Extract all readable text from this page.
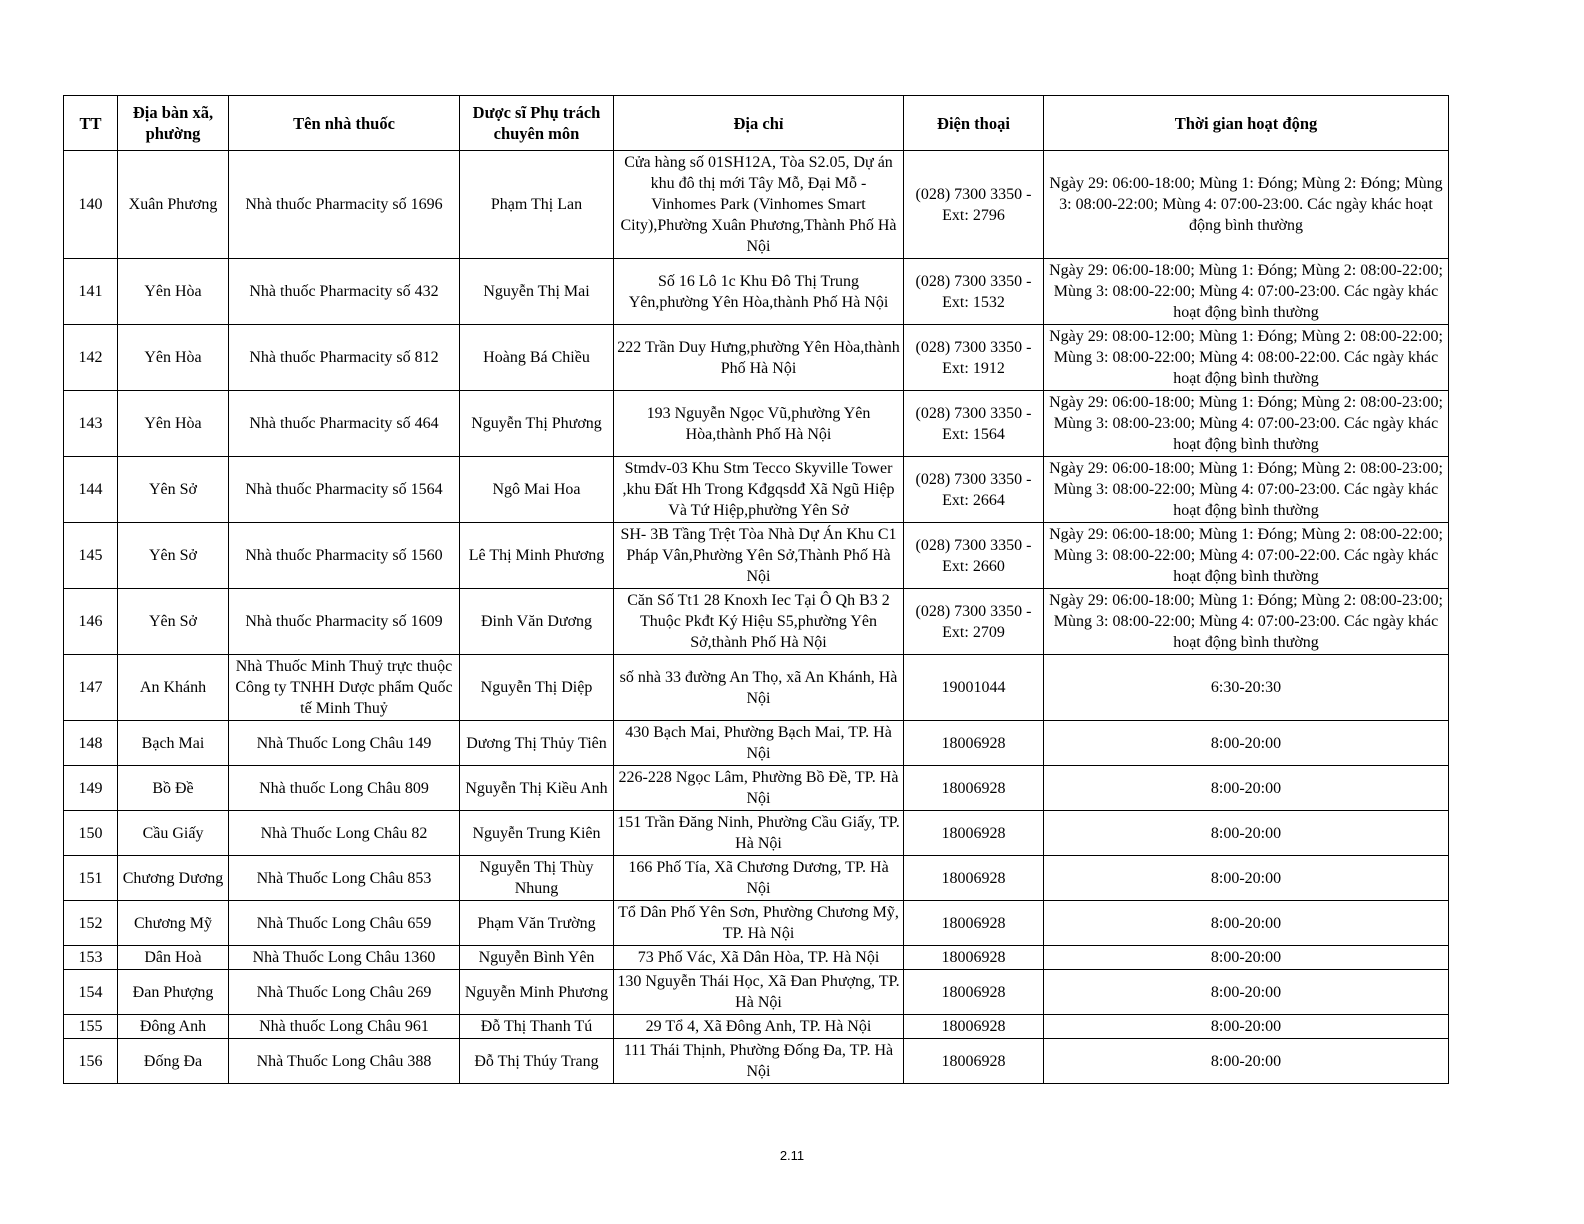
TT	Địa bàn xã, phường	Tên nhà thuốc	Dược sĩ Phụ trách chuyên môn	Địa chỉ	Điện thoại	Thời gian hoạt động
140	Xuân Phương	Nhà thuốc Pharmacity số 1696	Phạm Thị Lan	Cửa hàng số 01SH12A, Tòa S2.05, Dự án khu đô thị mới Tây Mỗ, Đại Mỗ - Vinhomes Park (Vinhomes Smart City),Phường Xuân Phương,Thành Phố Hà Nội	(028) 7300 3350 - Ext: 2796	Ngày 29: 06:00-18:00; Mùng 1: Đóng; Mùng 2: Đóng; Mùng 3: 08:00-22:00; Mùng 4: 07:00-23:00. Các ngày khác hoạt động bình thường
141	Yên Hòa	Nhà thuốc Pharmacity số 432	Nguyễn Thị Mai	Số 16 Lô 1c Khu Đô Thị Trung Yên,phường Yên Hòa,thành Phố Hà Nội	(028) 7300 3350 - Ext: 1532	Ngày 29: 06:00-18:00; Mùng 1: Đóng; Mùng 2: 08:00-22:00; Mùng 3: 08:00-22:00; Mùng 4: 07:00-23:00. Các ngày khác hoạt động bình thường
142	Yên Hòa	Nhà thuốc Pharmacity số 812	Hoàng Bá Chiều	222 Trần Duy Hưng,phường Yên Hòa,thành Phố Hà Nội	(028) 7300 3350 - Ext: 1912	Ngày 29: 08:00-12:00; Mùng 1: Đóng; Mùng 2: 08:00-22:00; Mùng 3: 08:00-22:00; Mùng 4: 08:00-22:00. Các ngày khác hoạt động bình thường
143	Yên Hòa	Nhà thuốc Pharmacity số 464	Nguyễn Thị Phương	193 Nguyễn Ngọc Vũ,phường Yên Hòa,thành Phố Hà Nội	(028) 7300 3350 - Ext: 1564	Ngày 29: 06:00-18:00; Mùng 1: Đóng; Mùng 2: 08:00-23:00; Mùng 3: 08:00-23:00; Mùng 4: 07:00-23:00. Các ngày khác hoạt động bình thường
144	Yên Sở	Nhà thuốc Pharmacity số 1564	Ngô Mai Hoa	Stmdv-03 Khu Stm Tecco Skyville Tower ,khu Đất Hh Trong Kđgqsdđ Xã Ngũ Hiệp Và Tứ Hiệp,phường Yên Sở	(028) 7300 3350 - Ext: 2664	Ngày 29: 06:00-18:00; Mùng 1: Đóng; Mùng 2: 08:00-23:00; Mùng 3: 08:00-22:00; Mùng 4: 07:00-23:00. Các ngày khác hoạt động bình thường
145	Yên Sở	Nhà thuốc Pharmacity số 1560	Lê Thị Minh Phương	SH- 3B Tầng Trệt Tòa Nhà Dự Án Khu C1 Pháp Vân,Phường Yên Sở,Thành Phố Hà Nội	(028) 7300 3350 - Ext: 2660	Ngày 29: 06:00-18:00; Mùng 1: Đóng; Mùng 2: 08:00-22:00; Mùng 3: 08:00-22:00; Mùng 4: 07:00-22:00. Các ngày khác hoạt động bình thường
146	Yên Sở	Nhà thuốc Pharmacity số 1609	Đinh Văn Dương	Căn Số Tt1 28 Knoxh Iec Tại Ô Qh B3 2 Thuộc Pkđt Ký Hiệu S5,phường Yên Sở,thành Phố Hà Nội	(028) 7300 3350 - Ext: 2709	Ngày 29: 06:00-18:00; Mùng 1: Đóng; Mùng 2: 08:00-23:00; Mùng 3: 08:00-22:00; Mùng 4: 07:00-23:00. Các ngày khác hoạt động bình thường
147	An Khánh	Nhà Thuốc Minh Thuỷ trực thuộc Công ty TNHH Dược phẩm Quốc tế Minh Thuỷ	Nguyễn Thị Diệp	số nhà 33 đường An Thọ, xã An Khánh, Hà Nội	19001044	6:30-20:30
148	Bạch Mai	Nhà Thuốc Long Châu 149	Dương Thị Thủy Tiên	430 Bạch Mai, Phường Bạch Mai, TP. Hà Nội	18006928	8:00-20:00
149	Bồ Đề	Nhà thuốc Long Châu 809	Nguyễn Thị Kiều Anh	226-228 Ngọc Lâm, Phường Bồ Đề, TP. Hà Nội	18006928	8:00-20:00
150	Cầu Giấy	Nhà Thuốc Long Châu 82	Nguyễn Trung Kiên	151 Trần Đăng Ninh, Phường Cầu Giấy, TP. Hà Nội	18006928	8:00-20:00
151	Chương Dương	Nhà Thuốc Long Châu 853	Nguyễn Thị Thùy Nhung	166 Phố Tía, Xã Chương Dương, TP. Hà Nội	18006928	8:00-20:00
152	Chương Mỹ	Nhà Thuốc Long Châu 659	Phạm Văn Trường	Tổ Dân Phố Yên Sơn, Phường Chương Mỹ, TP. Hà Nội	18006928	8:00-20:00
153	Dân Hoà	Nhà Thuốc Long Châu 1360	Nguyễn Bình Yên	73 Phố Vác, Xã Dân Hòa, TP. Hà Nội	18006928	8:00-20:00
154	Đan Phượng	Nhà Thuốc Long Châu 269	Nguyễn Minh Phương	130 Nguyễn Thái Học, Xã Đan Phượng, TP. Hà Nội	18006928	8:00-20:00
155	Đông Anh	Nhà thuốc Long Châu 961	Đỗ Thị Thanh Tú	29 Tổ 4, Xã Đông Anh, TP. Hà Nội	18006928	8:00-20:00
156	Đống Đa	Nhà Thuốc Long Châu 388	Đỗ Thị Thúy Trang	111 Thái Thịnh, Phường Đống Đa, TP. Hà Nội	18006928	8:00-20:00
2.11
